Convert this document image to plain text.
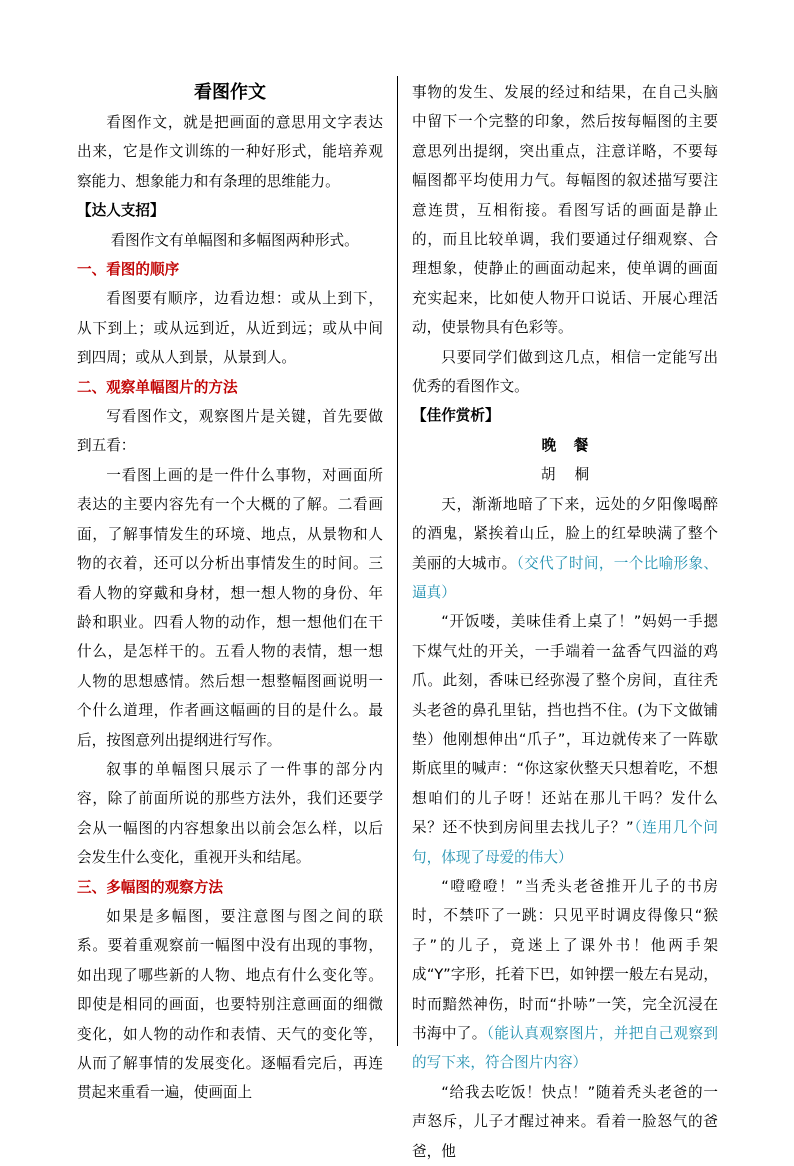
看图作文

看图作文，就是把画面的意思用文字表达出来，它是作文训练的一种好形式，能培养观察能力、想象能力和有条理的思维能力。

【达人支招】

看图作文有单幅图和多幅图两种形式。

一、看图的顺序

看图要有顺序，边看边想：或从上到下，从下到上；或从远到近，从近到远；或从中间到四周；或从人到景，从景到人。

二、观察单幅图片的方法

写看图作文，观察图片是关键，首先要做到五看：

一看图上画的是一件什么事物，对画面所表达的主要内容先有一个大概的了解。二看画面，了解事情发生的环境、地点，从景物和人物的衣着，还可以分析出事情发生的时间。三看人物的穿戴和身材，想一想人物的身份、年龄和职业。四看人物的动作，想一想他们在干什么，是怎样干的。五看人物的表情，想一想人物的思想感情。然后想一想整幅图画说明一个什么道理，作者画这幅画的目的是什么。最后，按图意列出提纲进行写作。

叙事的单幅图只展示了一件事的部分内容，除了前面所说的那些方法外，我们还要学会从一幅图的内容想象出以前会怎么样，以后会发生什么变化，重视开头和结尾。

三、多幅图的观察方法

如果是多幅图，要注意图与图之间的联系。要着重观察前一幅图中没有出现的事物，如出现了哪些新的人物、地点有什么变化等。即使是相同的画面，也要特别注意画面的细微变化，如人物的动作和表情、天气的变化等，从而了解事情的发展变化。逐幅看完后，再连贯起来重看一遍，使画面上

事物的发生、发展的经过和结果，在自己头脑中留下一个完整的印象，然后按每幅图的主要意思列出提纲，突出重点，注意详略，不要每幅图都平均使用力气。每幅图的叙述描写要注意连贯，互相衔接。看图写话的画面是静止的，而且比较单调，我们要通过仔细观察、合理想象，使静止的画面动起来，使单调的画面充实起来，比如使人物开口说话、开展心理活动，使景物具有色彩等。

只要同学们做到这几点，相信一定能写出优秀的看图作文。

【佳作赏析】

晚餐

胡桐

天，渐渐地暗了下来，远处的夕阳像喝醉的酒鬼，紧挨着山丘，脸上的红晕映满了整个美丽的大城市。（交代了时间，一个比喻形象、逼真）

“开饭喽，美味佳肴上桌了！”妈妈一手摁下煤气灶的开关，一手端着一盆香气四溢的鸡爪。此刻，香味已经弥漫了整个房间，直往秃头老爸的鼻孔里钻，挡也挡不住。(为下文做铺垫）他刚想伸出“爪子”，耳边就传来了一阵歇斯底里的喊声：“你这家伙整天只想着吃，不想想咱们的儿子呀！还站在那儿干吗？发什么呆？还不快到房间里去找儿子？”（连用几个问句，体现了母爱的伟大）

“噔噔噔！”当秃头老爸推开儿子的书房时，不禁吓了一跳：只见平时调皮得像只“猴子”的儿子，竟迷上了课外书！他两手架成“Y”字形，托着下巴，如钟摆一般左右晃动，时而黯然神伤，时而“扑哧”一笑，完全沉浸在书海中了。（能认真观察图片，并把自己观察到的写下来，符合图片内容）

“给我去吃饭！快点！”随着秃头老爸的一声怒斥，儿子才醒过神来。看着一脸怒气的爸爸，他
